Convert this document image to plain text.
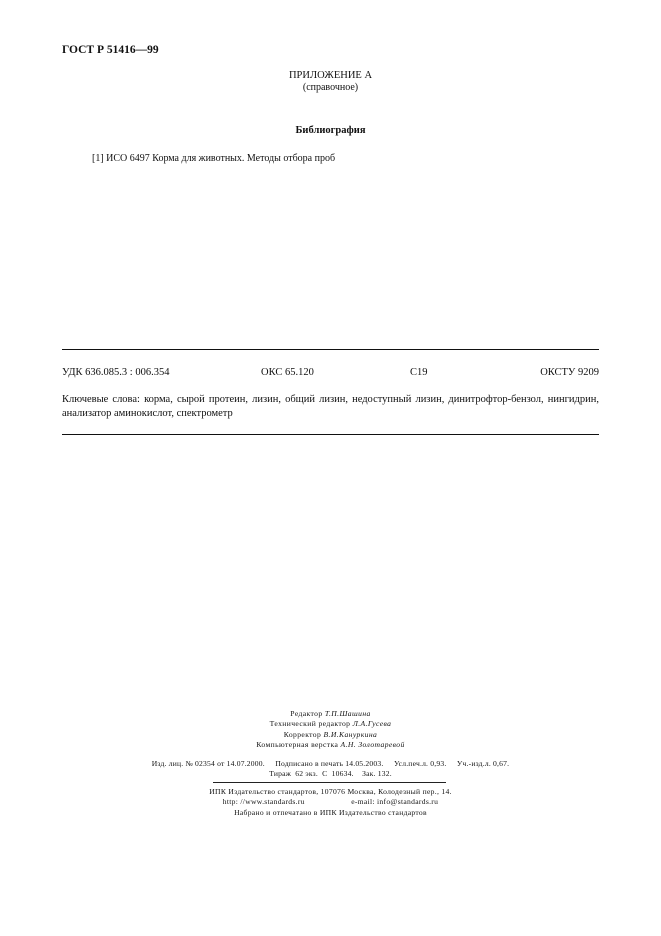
ГОСТ Р 51416—99
ПРИЛОЖЕНИЕ А
(справочное)
Библиография
[1] ИСО 6497 Корма для животных. Методы отбора проб
УДК 636.085.3 : 006.354	ОКС 65.120	С19	ОКСТУ 9209
Ключевые слова: корма, сырой протеин, лизин, общий лизин, недоступный лизин, динитрофтор-бензол, нингидрин, анализатор аминокислот, спектрометр
Редактор Т.П.Шашина
Технический редактор Л.А.Гусева
Корректор В.И.Кануркина
Компьютерная верстка А.Н. Золотаревой
Изд. лиц. № 02354 от 14.07.2000.     Подписано в печать 14.05.2003.     Усл.печ.л. 0,93.     Уч.-изд.л. 0,67.
Тираж  62 экз.  С  10634.    Зак. 132.
ИПК Издательство стандартов, 107076 Москва, Колодезный пер., 14.
http: //www.standards.ru	e-mail: info@standards.ru
Набрано и отпечатано в ИПК Издательство стандартов
